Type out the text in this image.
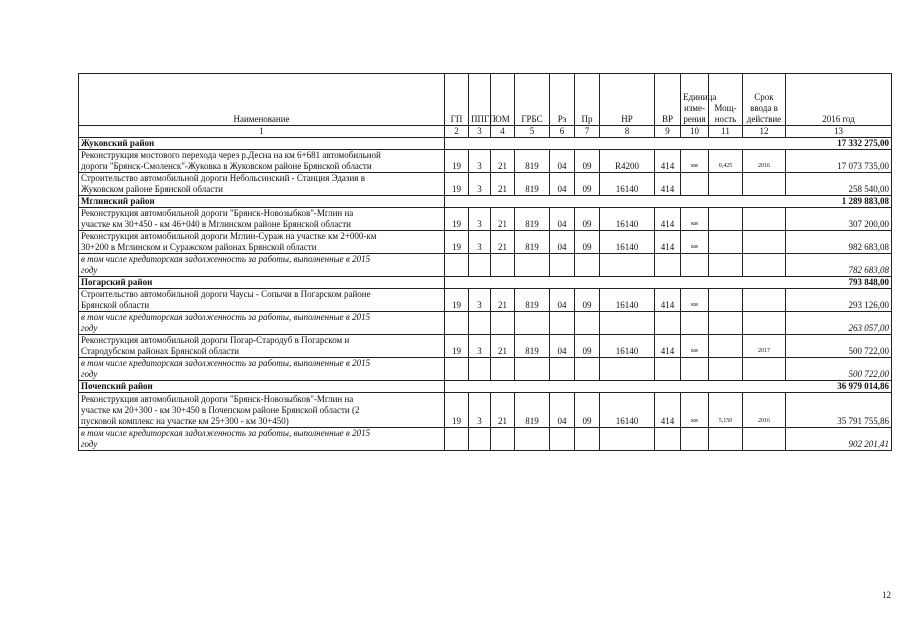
Наименование	ГП	ППГП	ОМ	ГРБС	Рз	Пр	НР	ВР	Единица изме-рения	Мощ-ность	Срок ввода в действие	2016 год
1	2	3	4	5	6	7	8	9	10	11	12	13
Жуковский район												17 332 275,00

Реконструкция мостового перехода через р.Десна на км 6+681 автомобильной
дороги "Брянск-Смоленск"-Жуковка в Жуковском районе Брянской области	19	3	21	819	04	09	R4200	414	км	0,425	2016	17 073 735,00

Строительство автомобильной дороги Небольсинский - Станция Эдазия в
Жуковском районе Брянской области	19	3	21	819	04	09	16140	414				258 540,00
Мглинский район												1 289 883,08

Реконструкция автомобильной дороги "Брянск-Новозыбков"-Мглин на
участке км 30+450 - км 46+040 в Мглинском районе Брянской области	19	3	21	819	04	09	16140	414	км			307 200,00

Реконструкция автомобильной дороги Мглин-Сураж на участке км 2+000-км
30+200 в Мглинском и Суражском районах Брянской области	19	3	21	819	04	09	16140	414	км			982 683,08

в том числе кредиторская задолженность за работы, выполненные в 2015
году												782 683,08
Погарский район												793 848,00

Строительство автомобильной дороги Чаусы - Сопычи в Погарском районе
Брянской области	19	3	21	819	04	09	16140	414	км			293 126,00

в том числе кредиторская задолженность за работы, выполненные в 2015
году												263 057,00

Реконструкция автомобильной дороги Погар-Стародуб в Погарском и
Стародубском районах Брянской области	19	3	21	819	04	09	16140	414	км		2017	500 722,00

в том числе кредиторская задолженность за работы, выполненные в 2015
году												500 722,00
Почепский район												36 979 014,86

Реконструкция автомобильной дороги "Брянск-Новозыбков"-Мглин на
участке км 20+300 - км 30+450 в Почепском районе Брянской области (2
пусковой комплекс на участке км 25+300 - км 30+450)	19	3	21	819	04	09	16140	414	км	5,150	2016	35 791 755,86

в том числе кредиторская задолженность за работы, выполненные в 2015
году												902 201,41
12
